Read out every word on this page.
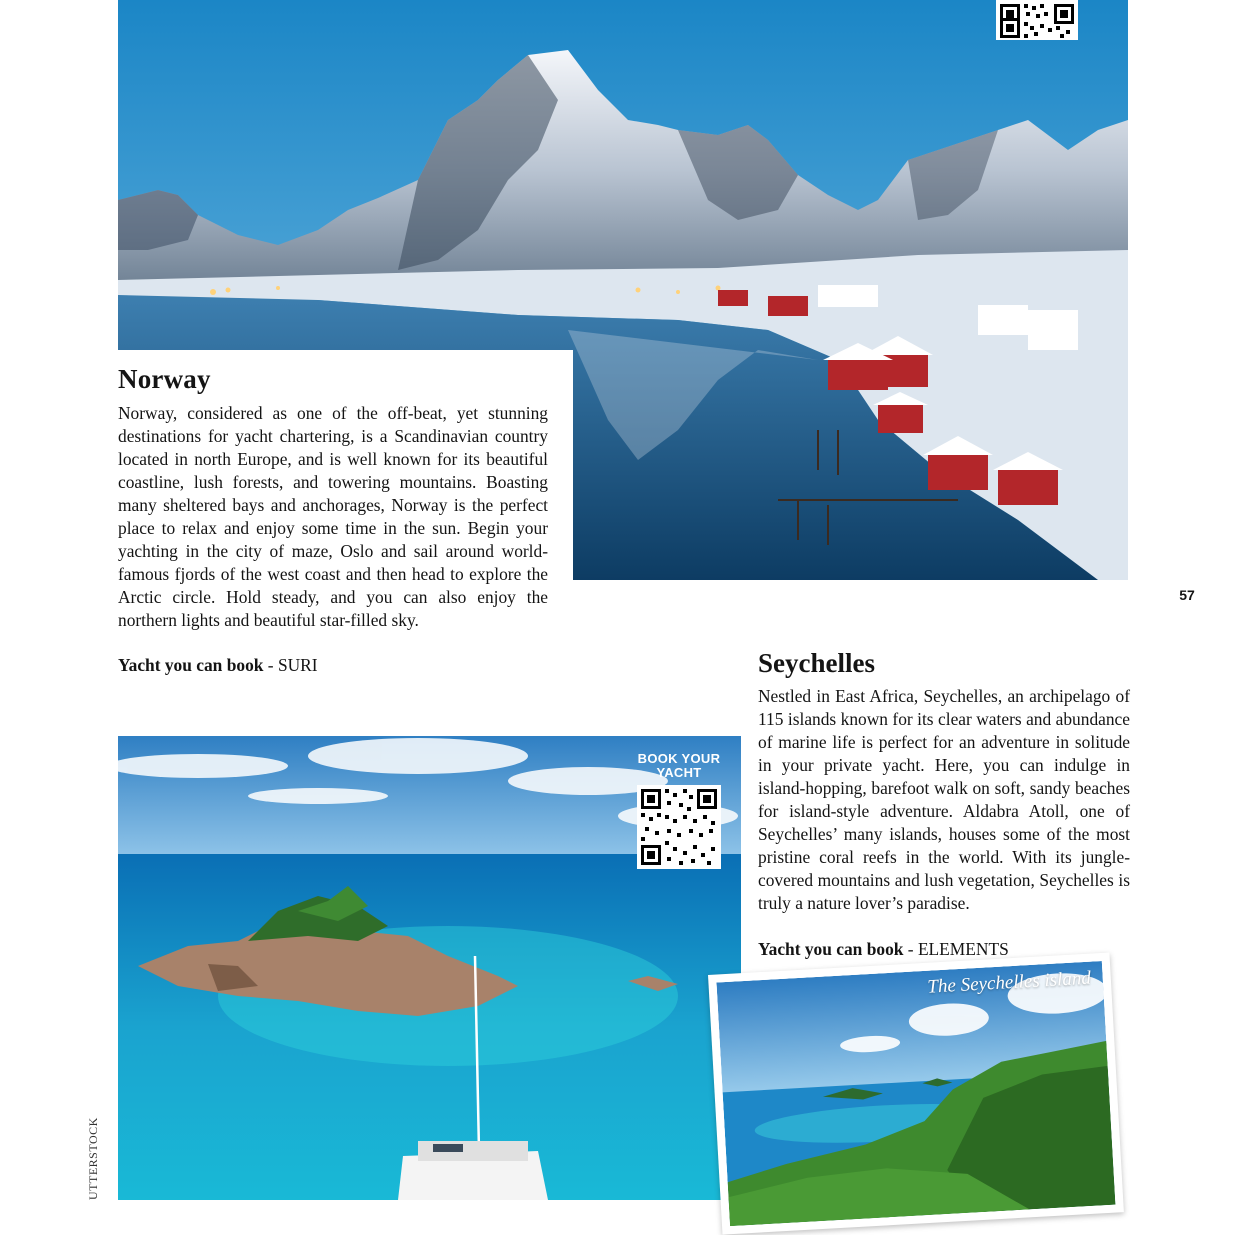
Norway
Norway, considered as one of the off-beat, yet stunning destinations for yacht chartering, is a Scandinavian country located in north Europe, and is well known for its beautiful coastline, lush forests, and towering mountains. Boasting many sheltered bays and anchorages, Norway is the perfect place to relax and enjoy some time in the sun. Begin your yachting in the city of maze, Oslo and sail around world-famous fjords of the west coast and then head to explore the Arctic circle. Hold steady, and you can also enjoy the northern lights and beautiful star-filled sky.
Yacht you can book - SURI
57
Seychelles
Nestled in East Africa, Seychelles, an archipelago of 115 islands known for its clear waters and abundance of marine life is perfect for an adventure in solitude in your private yacht. Here, you can indulge in island-hopping, barefoot walk on soft, sandy beaches for island-style adventure. Aldabra Atoll, one of Seychelles’ many islands, houses some of the most pristine coral reefs in the world. With its jungle-covered mountains and lush vegetation, Seychelles is truly a nature lover’s paradise.
Yacht you can book - ELEMENTS
BOOK YOUR
YACHT
The Seychelles island
UTTERSTOCK
